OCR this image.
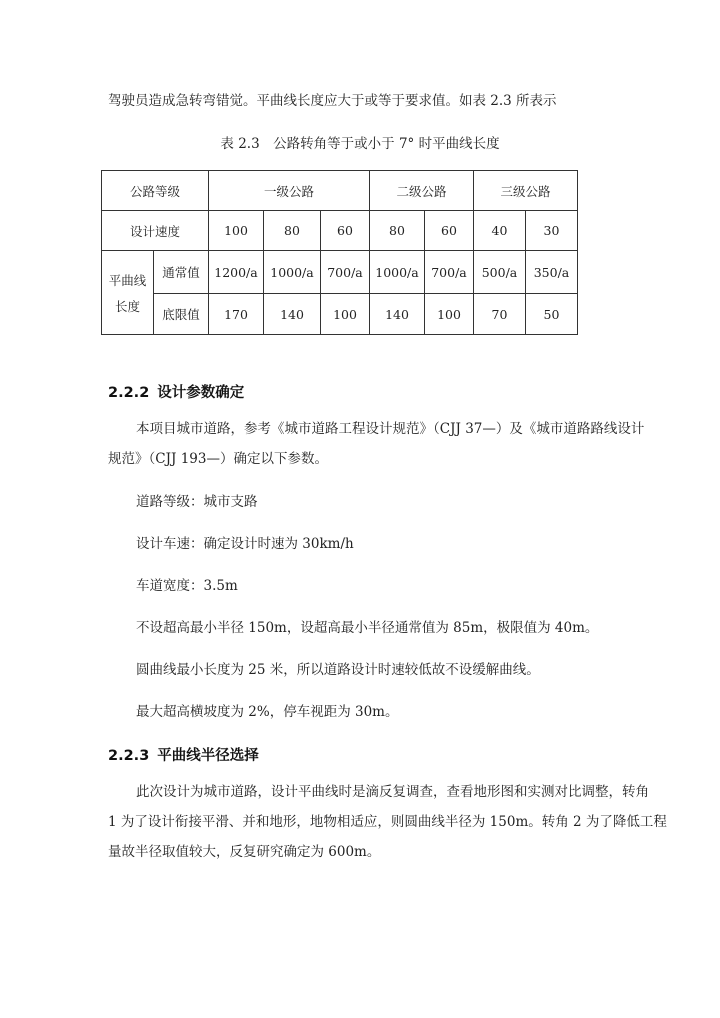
驾驶员造成急转弯错觉。平曲线长度应大于或等于要求值。如表 2.3 所表示
表 2.3　公路转角等于或小于 7° 时平曲线长度
公路等级		一级公路			二级公路		三级公路	
设计速度		100	80	60	80	60	40	30

平曲线
长度	通常值	1200/a	1000/a	700/a	1000/a	700/a	500/a	350/a
	底限值	170	140	100	140	100	70	50
2.2.2 设计参数确定
本项目城市道路，参考《城市道路工程设计规范》（CJJ 37—）及《城市道路路线设计
规范》（CJJ 193—）确定以下参数。
道路等级：城市支路
设计车速：确定设计时速为 30km/h
车道宽度：3.5m
不设超高最小半径 150m，设超高最小半径通常值为 85m，极限值为 40m。
圆曲线最小长度为 25 米，所以道路设计时速较低故不设缓解曲线。
最大超高横坡度为 2%，停车视距为 30m。
2.2.3 平曲线半径选择
此次设计为城市道路，设计平曲线时是滴反复调查，查看地形图和实测对比调整，转角
1 为了设计衔接平滑、并和地形，地物相适应，则圆曲线半径为 150m。转角 2 为了降低工程
量故半径取值较大，反复研究确定为 600m。
